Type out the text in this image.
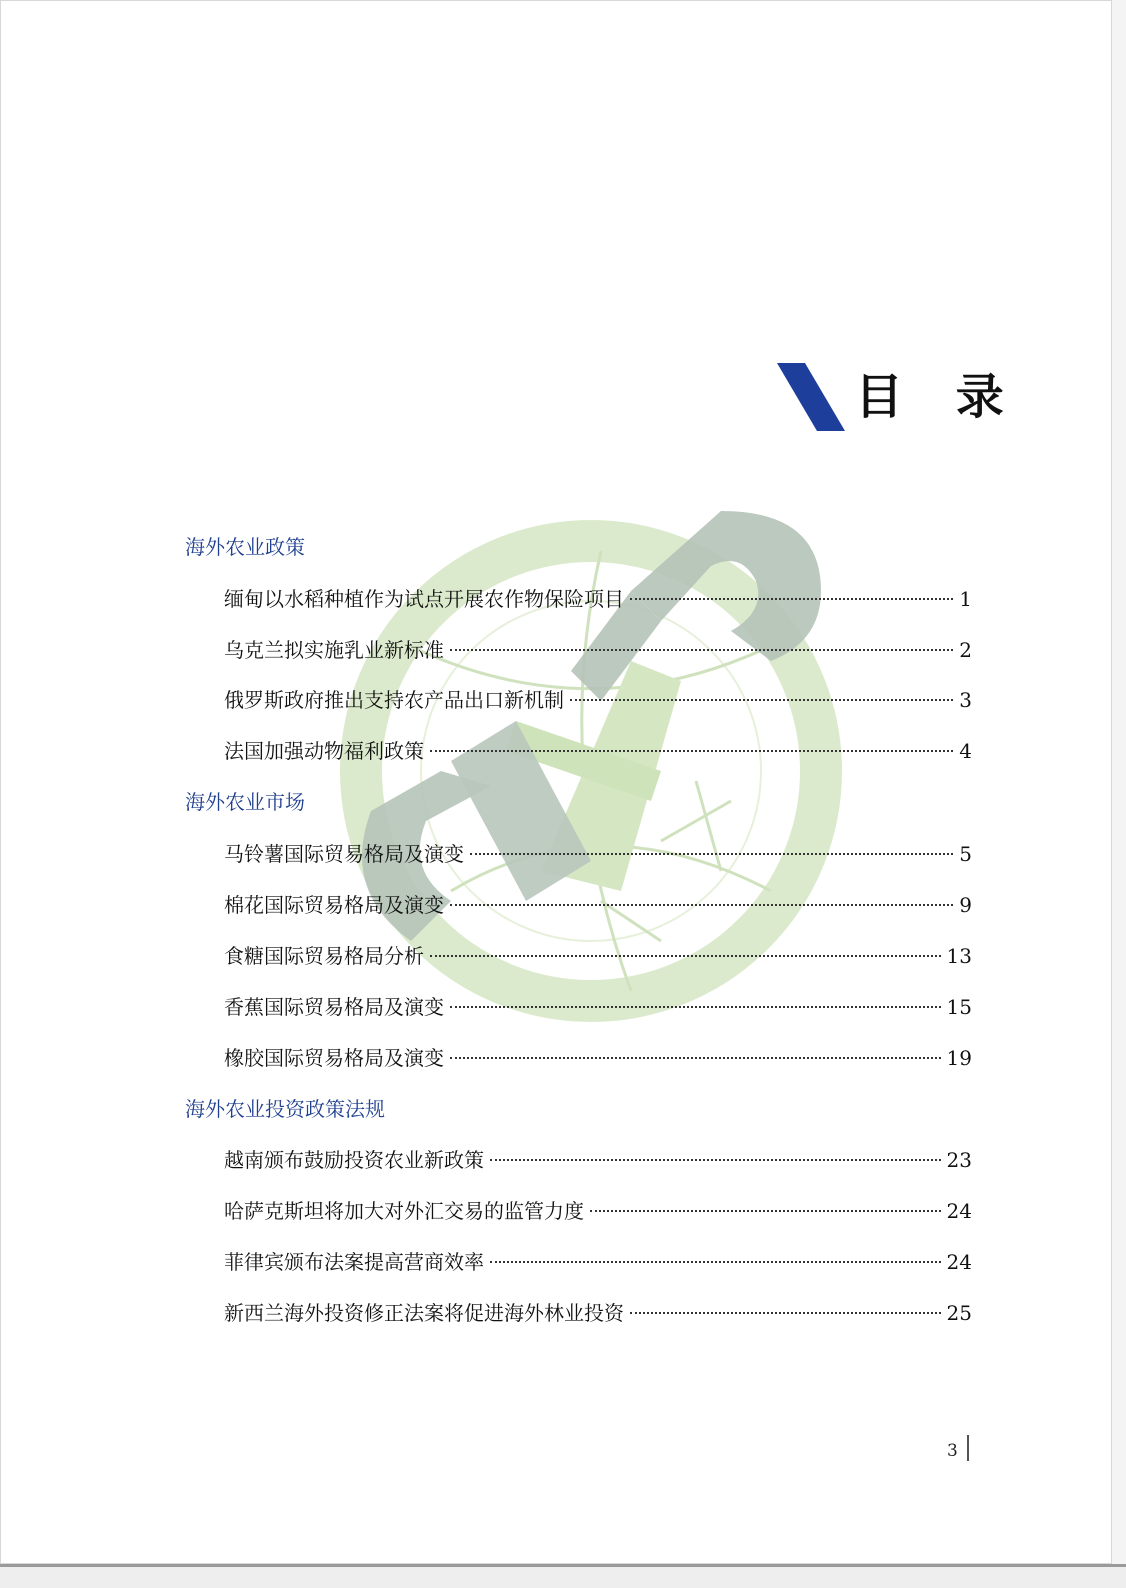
目 录
海外农业政策
缅甸以水稻种植作为试点开展农作物保险项目	1
乌克兰拟实施乳业新标准	2
俄罗斯政府推出支持农产品出口新机制	3
法国加强动物福利政策	4
海外农业市场
马铃薯国际贸易格局及演变	5
棉花国际贸易格局及演变	9
食糖国际贸易格局分析	13
香蕉国际贸易格局及演变	15
橡胶国际贸易格局及演变	19
海外农业投资政策法规
越南颁布鼓励投资农业新政策	23
哈萨克斯坦将加大对外汇交易的监管力度	24
菲律宾颁布法案提高营商效率	24
新西兰海外投资修正法案将促进海外林业投资	25
3
